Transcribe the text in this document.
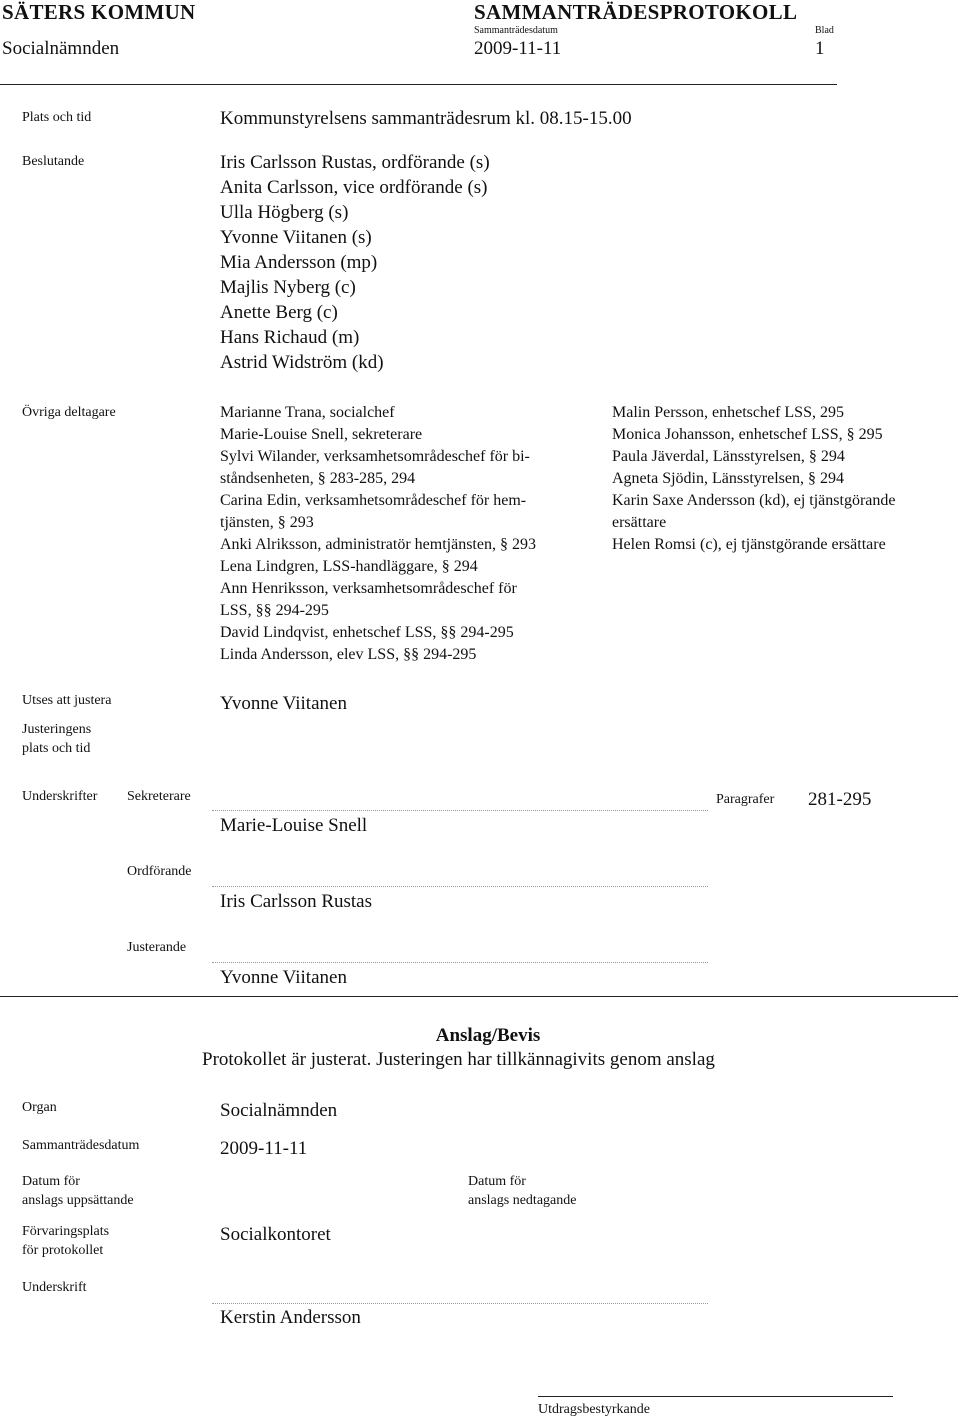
SÄTERS KOMMUN	SAMMANTRÄDESPROTOKOLL
Sammanträdesdatum	Blad
Socialnämnden	2009-11-11	1
Plats och tid	Kommunstyrelsens sammanträdesrum kl. 08.15-15.00
Beslutande	Iris Carlsson Rustas, ordförande (s)
Anita Carlsson, vice ordförande (s)
Ulla Högberg (s)
Yvonne Viitanen (s)
Mia Andersson (mp)
Majlis Nyberg (c)
Anette Berg (c)
Hans Richaud (m)
Astrid Widström (kd)
Övriga deltagare	Marianne Trana, socialchef
Marie-Louise Snell, sekreterare
Sylvi Wilander, verksamhetsområdeschef för bi-
ståndsenheten, § 283-285, 294
Carina Edin, verksamhetsområdeschef för hem-
tjänsten, § 293
Anki Alriksson, administratör hemtjänsten, § 293
Lena Lindgren, LSS-handläggare, § 294
Ann Henriksson, verksamhetsområdeschef för
LSS, §§ 294-295
David Lindqvist, enhetschef LSS, §§ 294-295
Linda Andersson, elev LSS, §§ 294-295
Malin Persson, enhetschef LSS, 295
Monica Johansson, enhetschef LSS, § 295
Paula Jäverdal, Länsstyrelsen, § 294
Agneta Sjödin, Länsstyrelsen, § 294
Karin Saxe Andersson (kd), ej tjänstgörande
ersättare
Helen Romsi (c), ej tjänstgörande ersättare
Utses att justera	Yvonne Viitanen
Justeringens
plats och tid
Underskrifter Sekreterare
Marie-Louise Snell
Paragrafer 281-295
Ordförande
Iris Carlsson Rustas
Justerande
Yvonne Viitanen
Anslag/Bevis
Protokollet är justerat. Justeringen har tillkännagivits genom anslag
Organ	Socialnämnden
Sammanträdesdatum	2009-11-11
Datum för
anslags uppsättande
Datum för
anslags nedtagande
Förvaringsplats
för protokollet
Socialkontoret
Underskrift
Kerstin Andersson
Utdragsbestyrkande
